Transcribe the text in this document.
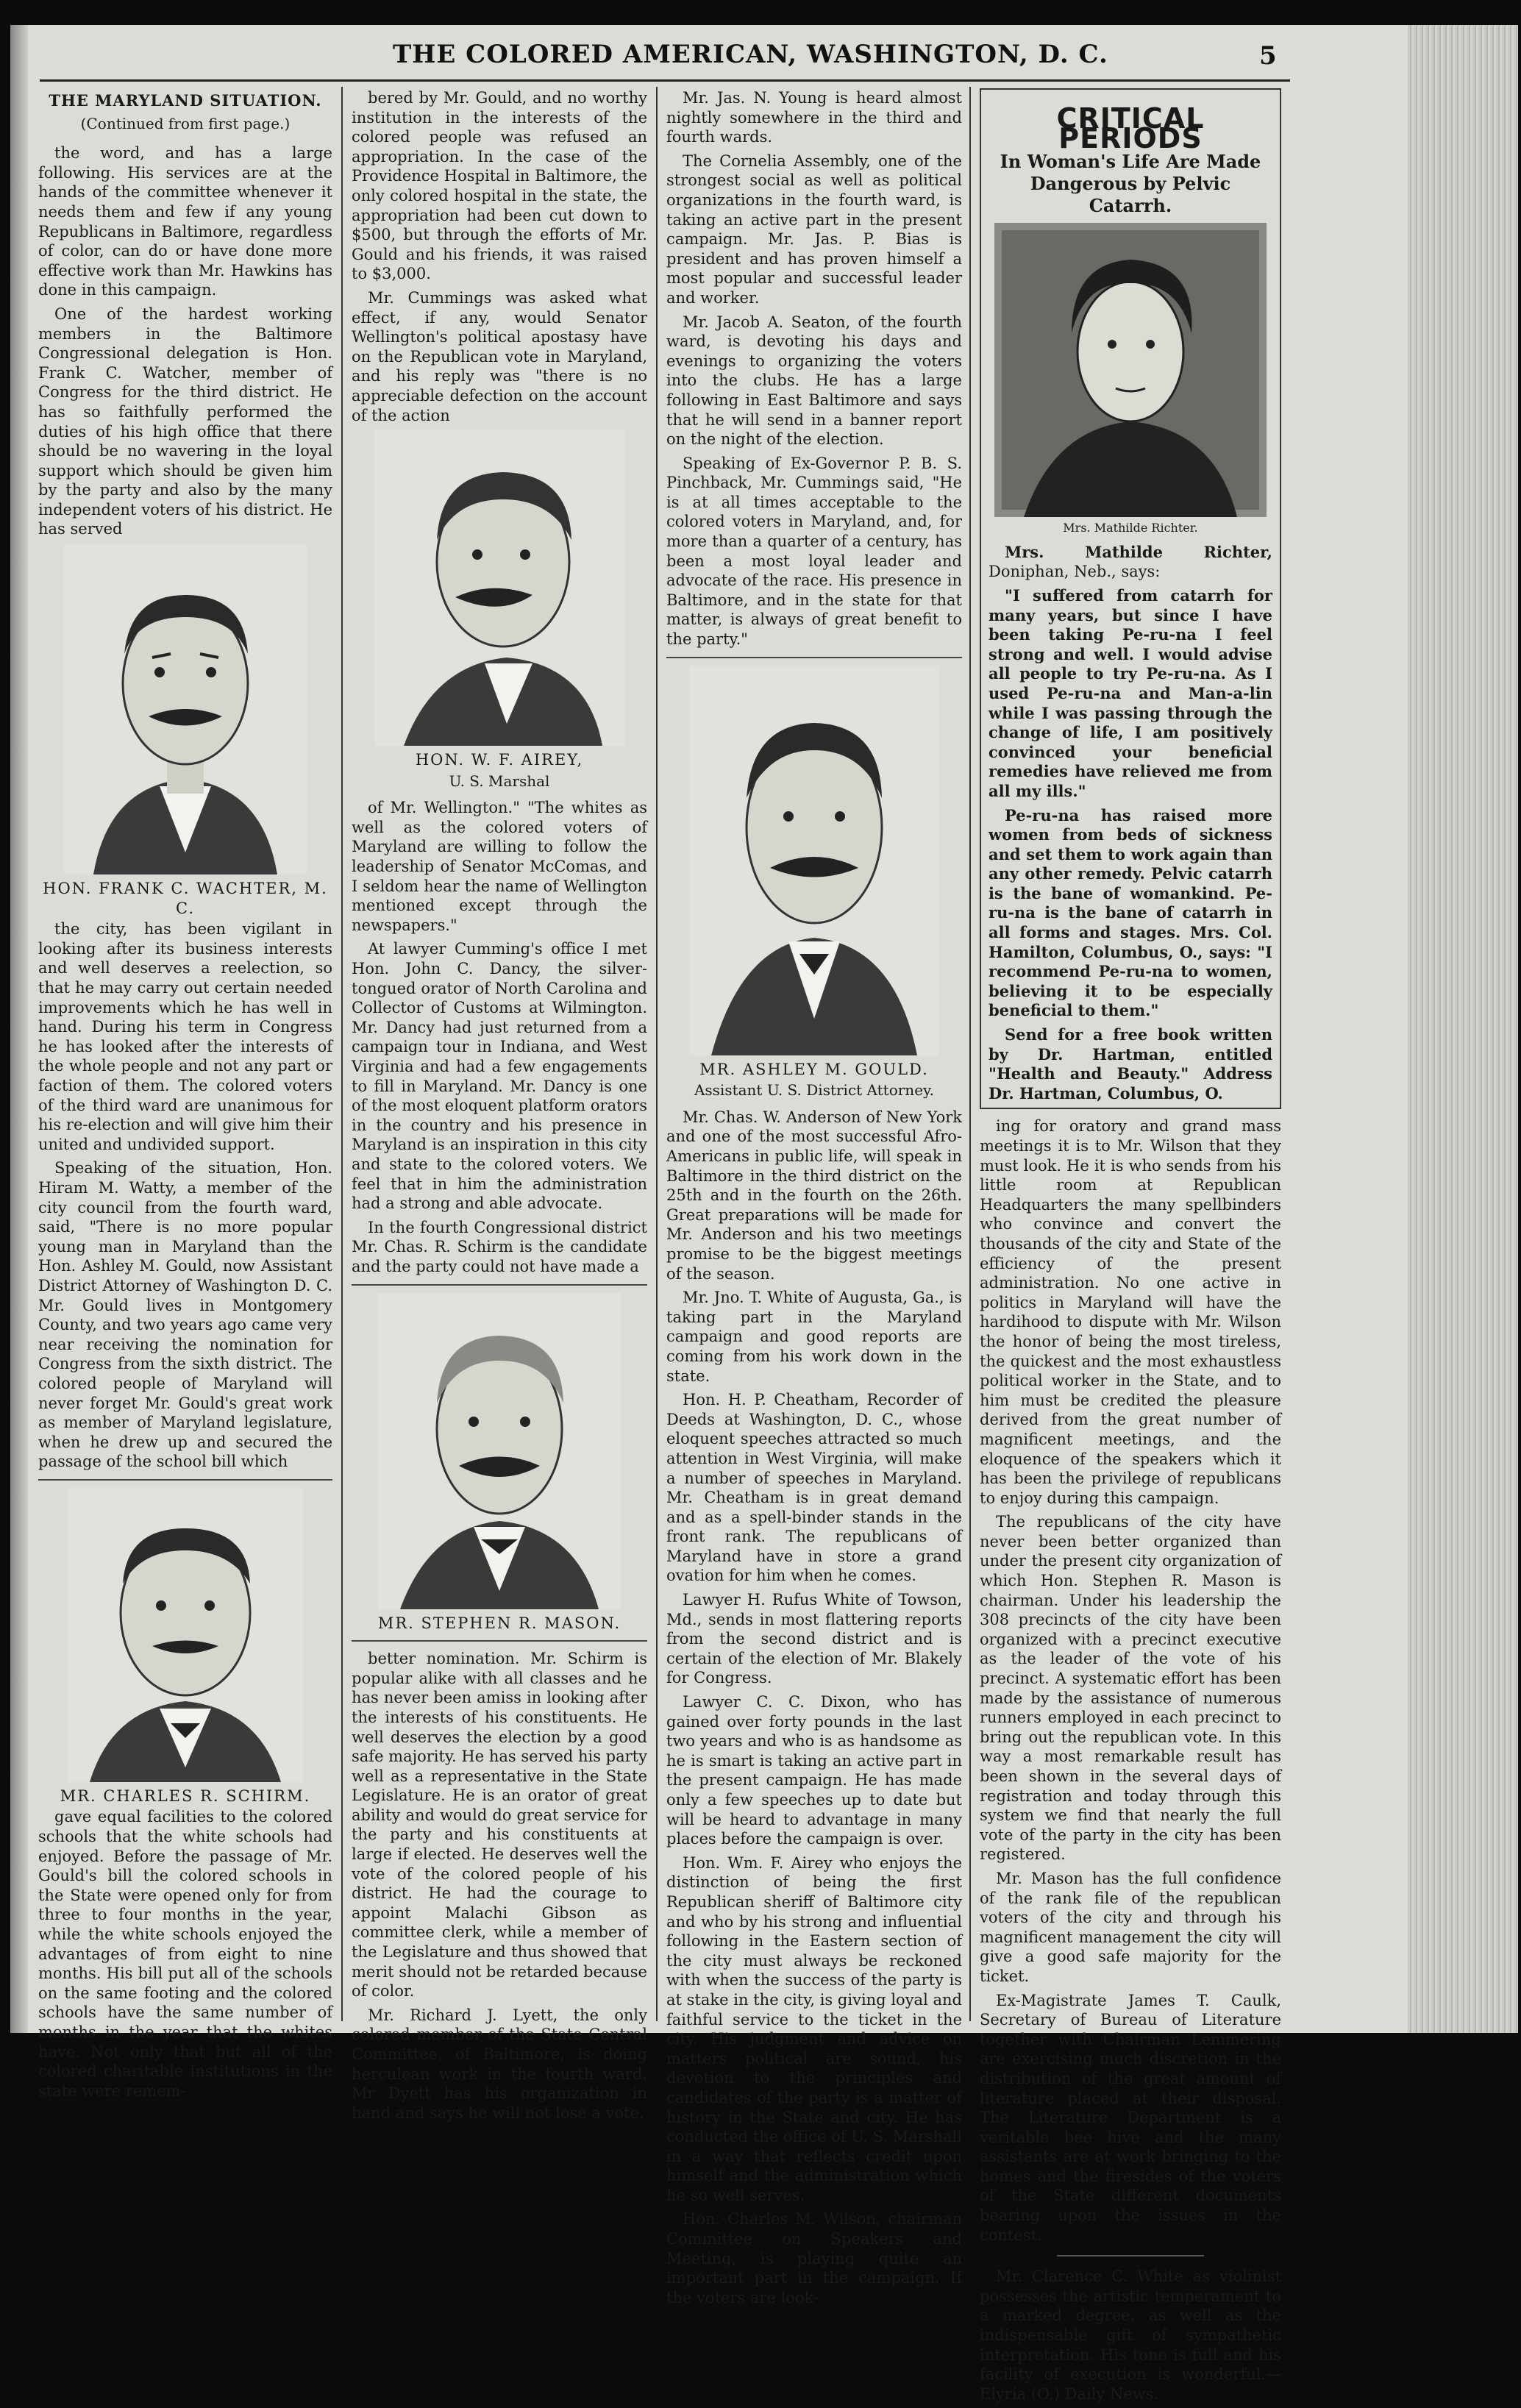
THE COLORED AMERICAN, WASHINGTON, D. C.	5
THE MARYLAND SITUATION.
(Continued from first page.)

the word, and has a large following. His services are at the hands of the committee whenever it needs them and few if any young Republicans in Baltimore, regardless of color, can do or have done more effective work than Mr. Hawkins has done in this campaign.

One of the hardest working members in the Baltimore Congressional delegation is Hon. Frank C. Watcher, member of Congress for the third district. He has so faithfully performed the duties of his high office that there should be no wavering in the loyal support which should be given him by the party and also by the many independent voters of his district. He has served

HON. FRANK C. WACHTER, M. C.

the city, has been vigilant in looking after its business interests and well deserves a reelection, so that he may carry out certain needed improvements which he has well in hand. During his term in Congress he has looked after the interests of the whole people and not any part or faction of them. The colored voters of the third ward are unanimous for his re-election and will give him their united and undivided support.

Speaking of the situation, Hon. Hiram M. Watty, a member of the city council from the fourth ward, said, "There is no more popular young man in Maryland than the Hon. Ashley M. Gould, now Assistant District Attorney of Washington D. C. Mr. Gould lives in Montgomery County, and two years ago came very near receiving the nomination for Congress from the sixth district. The colored people of Maryland will never forget Mr. Gould's great work as member of Maryland legislature, when he drew up and secured the passage of the school bill which

MR. CHARLES R. SCHIRM.

gave equal facilities to the colored schools that the white schools had enjoyed. Before the passage of Mr. Gould's bill the colored schools in the State were opened only for from three to four months in the year, while the white schools enjoyed the advantages of from eight to nine months. His bill put all of the schools on the same footing and the colored schools have the same number of months in the year that the whites have. Not only that but all of the colored charitable institutions in the state were remem-

bered by Mr. Gould, and no worthy institution in the interests of the colored people was refused an appropriation. In the case of the Providence Hospital in Baltimore, the only colored hospital in the state, the appropriation had been cut down to $500, but through the efforts of Mr. Gould and his friends, it was raised to $3,000.

Mr. Cummings was asked what effect, if any, would Senator Wellington's political apostasy have on the Republican vote in Maryland, and his reply was "there is no appreciable defection on the account of the action

HON. W. F. AIREY,
U. S. Marshal

of Mr. Wellington." "The whites as well as the colored voters of Maryland are willing to follow the leadership of Senator McComas, and I seldom hear the name of Wellington mentioned except through the newspapers."

At lawyer Cumming's office I met Hon. John C. Dancy, the silver-tongued orator of North Carolina and Collector of Customs at Wilmington. Mr. Dancy had just returned from a campaign tour in Indiana, and West Virginia and had a few engagements to fill in Maryland. Mr. Dancy is one of the most eloquent platform orators in the country and his presence in Maryland is an inspiration in this city and state to the colored voters. We feel that in him the administration had a strong and able advocate.

In the fourth Congressional district Mr. Chas. R. Schirm is the candidate and the party could not have made a

MR. STEPHEN R. MASON.

better nomination. Mr. Schirm is popular alike with all classes and he has never been amiss in looking after the interests of his constituents. He well deserves the election by a good safe majority. He has served his party well as a representative in the State Legislature. He is an orator of great ability and would do great service for the party and his constituents at large if elected. He deserves well the vote of the colored people of his district. He had the courage to appoint Malachi Gibson as committee clerk, while a member of the Legislature and thus showed that merit should not be retarded because of color.

Mr. Richard J. Lyett, the only colored member of the State Central Committee, of Baltimore, is doing herculean work in the fourth ward. Mr Dyett has his organization in hand and says he will not lose a vote.

Mr. Jas. N. Young is heard almost nightly somewhere in the third and fourth wards.

The Cornelia Assembly, one of the strongest social as well as political organizations in the fourth ward, is taking an active part in the present campaign. Mr. Jas. P. Bias is president and has proven himself a most popular and successful leader and worker.

Mr. Jacob A. Seaton, of the fourth ward, is devoting his days and evenings to organizing the voters into the clubs. He has a large following in East Baltimore and says that he will send in a banner report on the night of the election.

Speaking of Ex-Governor P. B. S. Pinchback, Mr. Cummings said, "He is at all times acceptable to the colored voters in Maryland, and, for more than a quarter of a century, has been a most loyal leader and advocate of the race. His presence in Baltimore, and in the state for that matter, is always of great benefit to the party."

MR. ASHLEY M. GOULD.
Assistant U. S. District Attorney.

Mr. Chas. W. Anderson of New York and one of the most successful Afro-Americans in public life, will speak in Baltimore in the third district on the 25th and in the fourth on the 26th. Great preparations will be made for Mr. Anderson and his two meetings promise to be the biggest meetings of the season.

Mr. Jno. T. White of Augusta, Ga., is taking part in the Maryland campaign and good reports are coming from his work down in the state.

Hon. H. P. Cheatham, Recorder of Deeds at Washington, D. C., whose eloquent speeches attracted so much attention in West Virginia, will make a number of speeches in Maryland. Mr. Cheatham is in great demand and as a spell-binder stands in the front rank. The republicans of Maryland have in store a grand ovation for him when he comes.

Lawyer H. Rufus White of Towson, Md., sends in most flattering reports from the second district and is certain of the election of Mr. Blakely for Congress.

Lawyer C. C. Dixon, who has gained over forty pounds in the last two years and who is as handsome as he is smart is taking an active part in the present campaign. He has made only a few speeches up to date but will be heard to advantage in many places before the campaign is over.

Hon. Wm. F. Airey who enjoys the distinction of being the first Republican sheriff of Baltimore city and who by his strong and influential following in the Eastern section of the city must always be reckoned with when the success of the party is at stake in the city, is giving loyal and faithful service to the ticket in the city. His judgment and advice on matters political are sound, his devotion to the principles and candidates of the party is a matter of history in the State and city. He has conducted the office of U. S. Marshall in a way that reflects credit upon himself and the administration which he so well serves.

Hon. Charles M. Wilson, chairman Committee on Speakers and Meeting, is playing quite an important part in the campaign. If the voters are look-

CRITICAL PERIODS
In Woman's Life Are Made Dangerous by Pelvic Catarrh.
Mrs. Mathilde Richter.

Mrs. Mathilde Richter, Doniphan, Neb., says:

"I suffered from catarrh for many years, but since I have been taking Pe-ru-na I feel strong and well. I would advise all people to try Pe-ru-na. As I used Pe-ru-na and Man-a-lin while I was passing through the change of life, I am positively convinced your beneficial remedies have relieved me from all my ills."

Pe-ru-na has raised more women from beds of sickness and set them to work again than any other remedy. Pelvic catarrh is the bane of womankind. Pe-ru-na is the bane of catarrh in all forms and stages. Mrs. Col. Hamilton, Columbus, O., says: "I recommend Pe-ru-na to women, believing it to be especially beneficial to them."

Send for a free book written by Dr. Hartman, entitled "Health and Beauty." Address Dr. Hartman, Columbus, O.

ing for oratory and grand mass meetings it is to Mr. Wilson that they must look. He it is who sends from his little room at Republican Headquarters the many spellbinders who convince and convert the thousands of the city and State of the efficiency of the present administration. No one active in politics in Maryland will have the hardihood to dispute with Mr. Wilson the honor of being the most tireless, the quickest and the most exhaustless political worker in the State, and to him must be credited the pleasure derived from the great number of magnificent meetings, and the eloquence of the speakers which it has been the privilege of republicans to enjoy during this campaign.

The republicans of the city have never been better organized than under the present city organization of which Hon. Stephen R. Mason is chairman. Under his leadership the 308 precincts of the city have been organized with a precinct executive as the leader of the vote of his precinct. A systematic effort has been made by the assistance of numerous runners employed in each precinct to bring out the republican vote. In this way a most remarkable result has been shown in the several days of registration and today through this system we find that nearly the full vote of the party in the city has been registered.

Mr. Mason has the full confidence of the rank file of the republican voters of the city and through his magnificent management the city will give a good safe majority for the ticket.

Ex-Magistrate James T. Caulk, Secretary of Bureau of Literature together with Chairman Lemmering are exercising much discretion in the distribution of the great amount of literature placed at their disposal. The Literature Department is a veritable bee hive and the many assistants are at work bringing to the homes and the firesides of the voters of the State different documents bearing upon the issues in the contest.

Mr. Clarence C. White as violinist possesses the artistic temperament to a marked degree, as well as the indispensable gift of sympathetic interpretation. His tone is full and his facility of execution is wonderful.—Elyria (O.) Daily News.
